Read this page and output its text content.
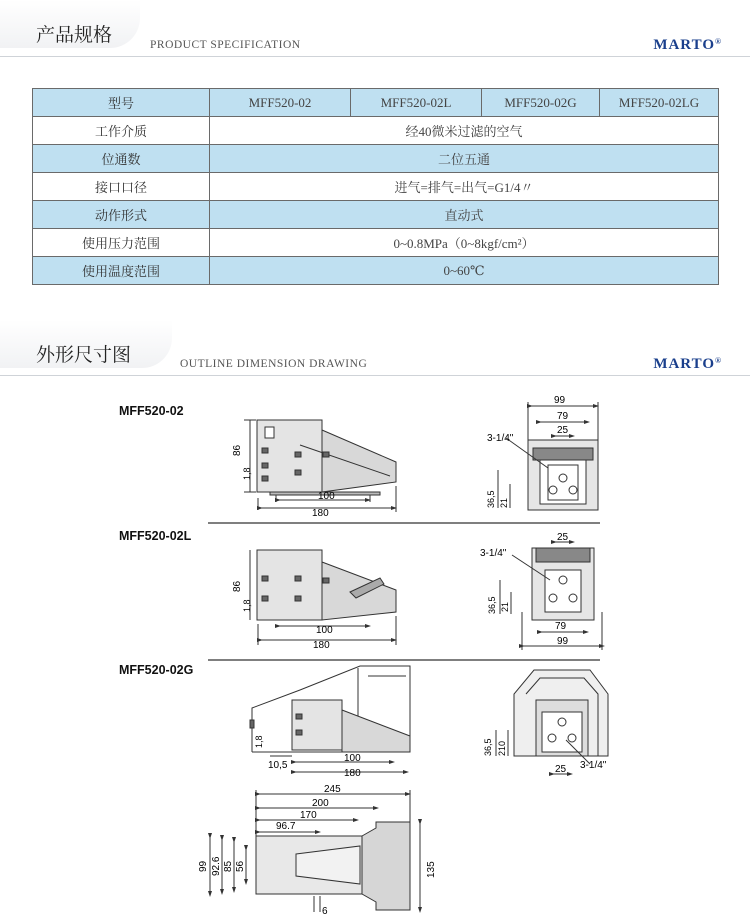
产品规格	PRODUCT SPECIFICATION	MARTO®
型号	MFF520-02	MFF520-02L	MFF520-02G	MFF520-02LG
工作介质	经40微米过滤的空气			
位通数	二位五通			
接口口径	进气=排气=出气=G1/4〃			
动作形式	直动式			
使用压力范围	0~0.8MPa（0~8kgf/cm²）			
使用温度范围	0~60℃			
外形尺寸图	OUTLINE DIMENSION DRAWING	MARTO®
MFF520-02
MFF520-02L
MFF520-02G
86
1,8
100
180
99
79
25
3-1/4"
36,5 21
86
1,8
100
180
25
3-1/4"
36,5 21
79
99
1,8
10,5
100
180
36,5 210
25 3-1/4"
245
200
170
96.7
99 92.6 85 56	135
6
